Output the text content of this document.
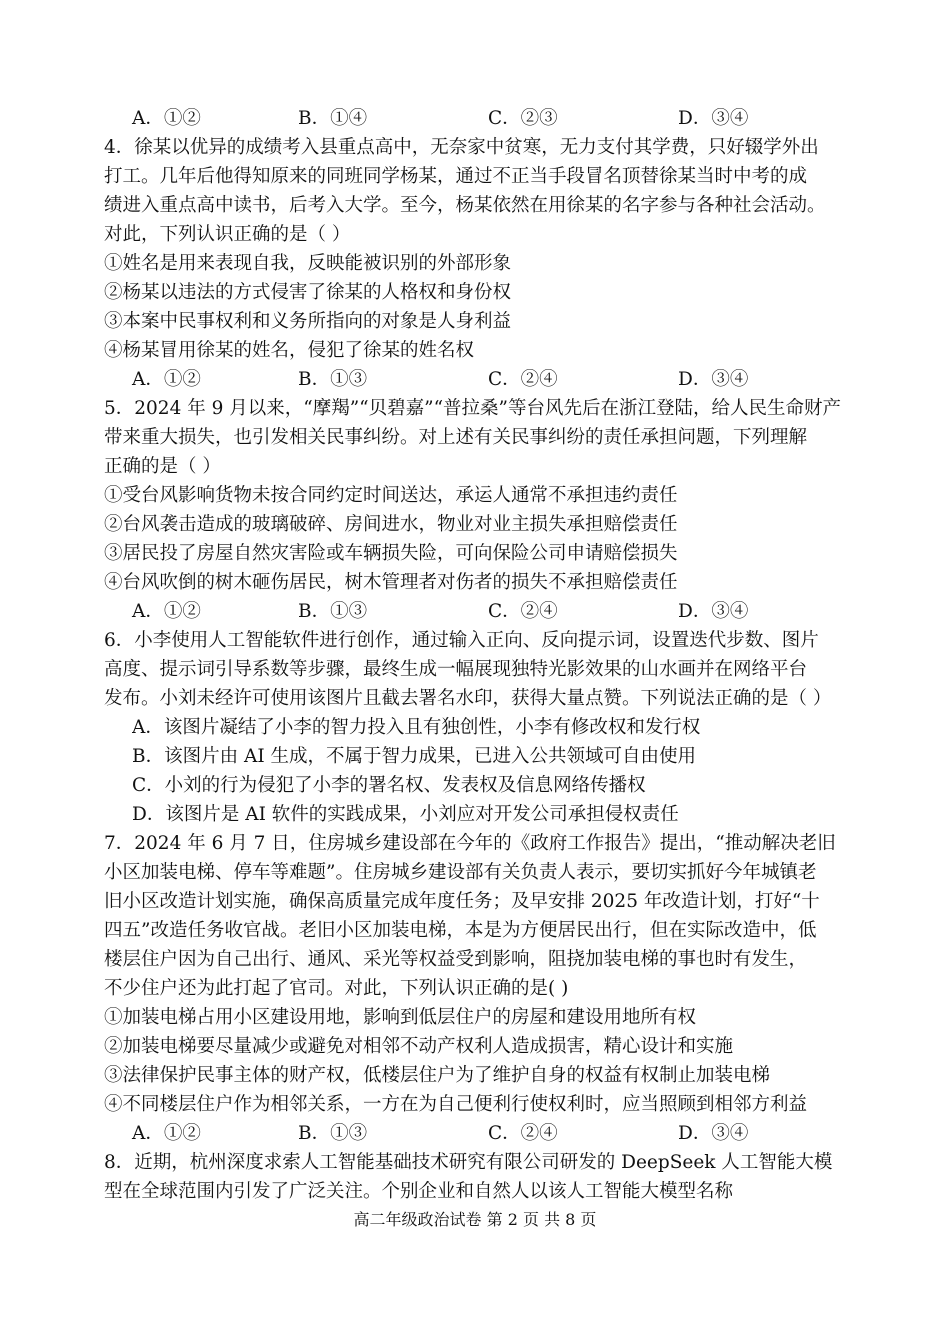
A．①②	B．①④	C．②③	D．③④
4．徐某以优异的成绩考入县重点高中，无奈家中贫寒，无力支付其学费，只好辍学外出
打工。几年后他得知原来的同班同学杨某，通过不正当手段冒名顶替徐某当时中考的成
绩进入重点高中读书，后考入大学。至今，杨某依然在用徐某的名字参与各种社会活动。
对此，下列认识正确的是（ ）
①姓名是用来表现自我，反映能被识别的外部形象
②杨某以违法的方式侵害了徐某的人格权和身份权
③本案中民事权利和义务所指向的对象是人身利益
④杨某冒用徐某的姓名，侵犯了徐某的姓名权
A．①②	B．①③	C．②④	D．③④
5．2024 年 9 月以来，“摩羯”“贝碧嘉”“普拉桑”等台风先后在浙江登陆，给人民生命财产
带来重大损失，也引发相关民事纠纷。对上述有关民事纠纷的责任承担问题，下列理解
正确的是（ ）
①受台风影响货物未按合同约定时间送达，承运人通常不承担违约责任
②台风袭击造成的玻璃破碎、房间进水，物业对业主损失承担赔偿责任
③居民投了房屋自然灾害险或车辆损失险，可向保险公司申请赔偿损失
④台风吹倒的树木砸伤居民，树木管理者对伤者的损失不承担赔偿责任
A．①②	B．①③	C．②④	D．③④
6．小李使用人工智能软件进行创作，通过输入正向、反向提示词，设置迭代步数、图片
高度、提示词引导系数等步骤，最终生成一幅展现独特光影效果的山水画并在网络平台
发布。小刘未经许可使用该图片且截去署名水印，获得大量点赞。下列说法正确的是（ ）
A．该图片凝结了小李的智力投入且有独创性，小李有修改权和发行权
B．该图片由 AI 生成，不属于智力成果，已进入公共领域可自由使用
C．小刘的行为侵犯了小李的署名权、发表权及信息网络传播权
D．该图片是 AI 软件的实践成果，小刘应对开发公司承担侵权责任
7．2024 年 6 月 7 日，住房城乡建设部在今年的《政府工作报告》提出，“推动解决老旧
小区加装电梯、停车等难题”。住房城乡建设部有关负责人表示，要切实抓好今年城镇老
旧小区改造计划实施，确保高质量完成年度任务；及早安排 2025 年改造计划，打好“十
四五”改造任务收官战。老旧小区加装电梯，本是为方便居民出行，但在实际改造中，低
楼层住户因为自己出行、通风、采光等权益受到影响，阻挠加装电梯的事也时有发生，
不少住户还为此打起了官司。对此，下列认识正确的是( )
①加装电梯占用小区建设用地，影响到低层住户的房屋和建设用地所有权
②加装电梯要尽量减少或避免对相邻不动产权利人造成损害，精心设计和实施
③法律保护民事主体的财产权，低楼层住户为了维护自身的权益有权制止加装电梯
④不同楼层住户作为相邻关系，一方在为自己便利行使权利时，应当照顾到相邻方利益
A．①②	B．①③	C．②④	D．③④
8．近期，杭州深度求索人工智能基础技术研究有限公司研发的 DeepSeek 人工智能大模
型在全球范围内引发了广泛关注。个别企业和自然人以该人工智能大模型名称
高二年级政治试卷 第 2 页 共 8 页
